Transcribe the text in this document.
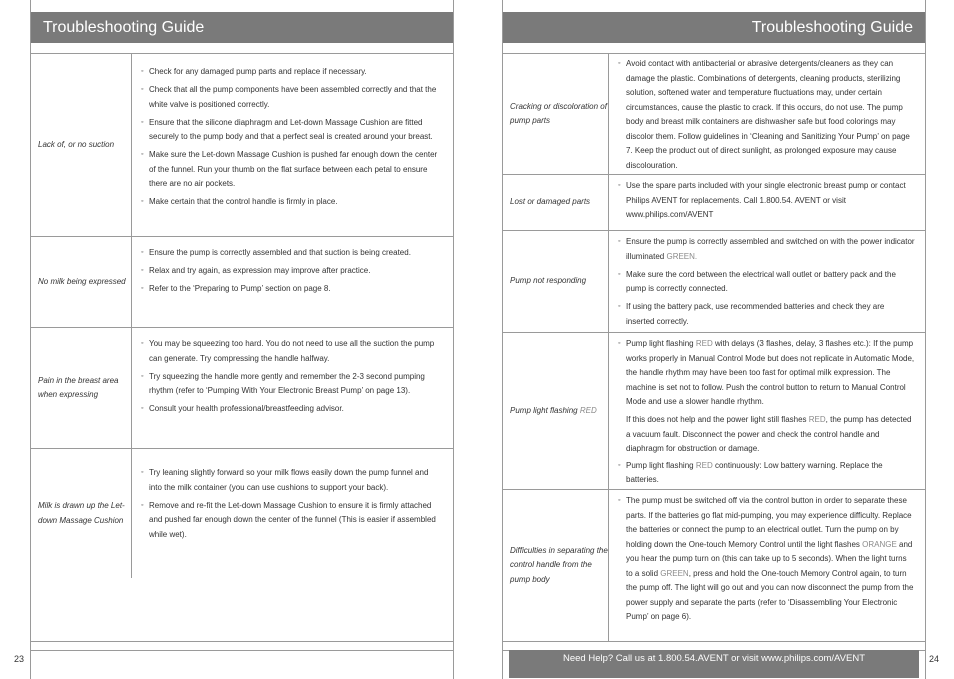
Troubleshooting Guide
Lack of, or no suction
◦ Check for any damaged pump parts and replace if necessary.
◦ Check that all the pump components have been assembled correctly and that the white valve is positioned correctly.
◦ Ensure that the silicone diaphragm and Let-down Massage Cushion are fitted securely to the pump body and that a perfect seal is created around your breast.
◦ Make sure the Let-down Massage Cushion is pushed far enough down the center of the funnel. Run your thumb on the flat surface between each petal to ensure there are no air pockets.
◦ Make certain that the control handle is firmly in place.
No milk being expressed
◦ Ensure the pump is correctly assembled and that suction is being created.
◦ Relax and try again, as expression may improve after practice.
◦ Refer to the ‘Preparing to Pump’ section on page 8.
Pain in the breast area when expressing
◦ You may be squeezing too hard. You do not need to use all the suction the pump can generate. Try compressing the handle halfway.
◦ Try squeezing the handle more gently and remember the 2-3 second pumping rhythm (refer to ‘Pumping With Your Electronic Breast Pump’ on page 13).
◦ Consult your health professional/breastfeeding advisor.
Milk is drawn up the Let-down Massage Cushion
◦ Try leaning slightly forward so your milk flows easily down the pump funnel and into the milk container (you can use cushions to support your back).
◦ Remove and re-fit the Let-down Massage Cushion to ensure it is firmly attached and pushed far enough down the center of the funnel (This is easier if assembled while wet).
23
Troubleshooting Guide
Cracking or discoloration of pump parts
◦ Avoid contact with antibacterial or abrasive detergents/cleaners as they can damage the plastic. Combinations of detergents, cleaning products, sterilizing solution, softened water and temperature fluctuations may, under certain circumstances, cause the plastic to crack. If this occurs, do not use. The pump body and breast milk containers are dishwasher safe but food colorings may discolor them. Follow guidelines in ‘Cleaning and Sanitizing Your Pump’ on page 7. Keep the product out of direct sunlight, as prolonged exposure may cause discolouration.
Lost or damaged parts
◦ Use the spare parts included with your single electronic breast pump or contact Philips AVENT for replacements. Call 1.800.54. AVENT or visit www.philips.com/AVENT
Pump not responding
◦ Ensure the pump is correctly assembled and switched on with the power indicator illuminated GREEN.
◦ Make sure the cord between the electrical wall outlet or battery pack and the pump is correctly connected.
◦ If using the battery pack, use recommended batteries and check they are inserted correctly.
Pump light flashing RED
◦ Pump light flashing RED with delays (3 flashes, delay, 3 flashes etc.): If the pump works properly in Manual Control Mode but does not replicate in Automatic Mode, the handle rhythm may have been too fast for optimal milk expression. The machine is set not to follow. Push the control button to return to Manual Control Mode and use a slower handle rhythm.
If this does not help and the power light still flashes RED, the pump has detected a vacuum fault. Disconnect the power and check the control handle and diaphragm for obstruction or damage.
◦ Pump light flashing RED continuously: Low battery warning. Replace the batteries.
Difficulties in separating the control handle from the pump body
◦ The pump must be switched off via the control button in order to separate these parts. If the batteries go flat mid-pumping, you may experience difficulty. Replace the batteries or connect the pump to an electrical outlet. Turn the pump on by holding down the One-touch Memory Control until the light flashes ORANGE and you hear the pump turn on (this can take up to 5 seconds). When the light turns to a solid GREEN, press and hold the One-touch Memory Control again, to turn the pump off. The light will go out and you can now disconnect the pump from the power supply and separate the parts (refer to ‘Disassembling Your Electronic Pump’ on page 6).
Need Help? Call us at 1.800.54.AVENT or visit www.philips.com/AVENT	24
